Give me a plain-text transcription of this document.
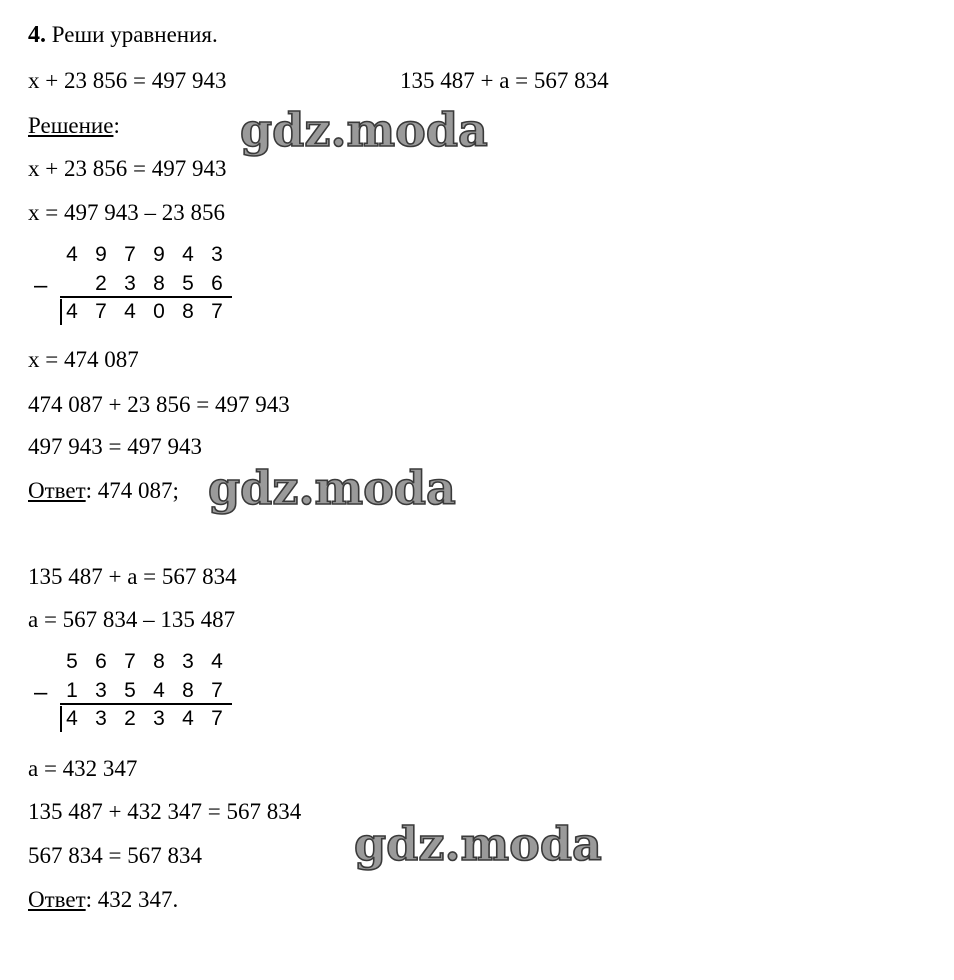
4. Реши уравнения.
x + 23 856 = 497 943	135 487 + a = 567 834
Решение:
x + 23 856 = 497 943
x = 497 943 – 23 856
4 9 7 9 4 3
– 2 3 8 5 6
4 7 4 0 8 7
x = 474 087
474 087 + 23 856 = 497 943
497 943 = 497 943
Ответ: 474 087;
135 487 + a = 567 834
a = 567 834 – 135 487
5 6 7 8 3 4
– 1 3 5 4 8 7
4 3 2 3 4 7
a = 432 347
135 487 + 432 347 = 567 834
567 834 = 567 834
Ответ: 432 347.
gdz.moda
gdz.moda
gdz.moda
